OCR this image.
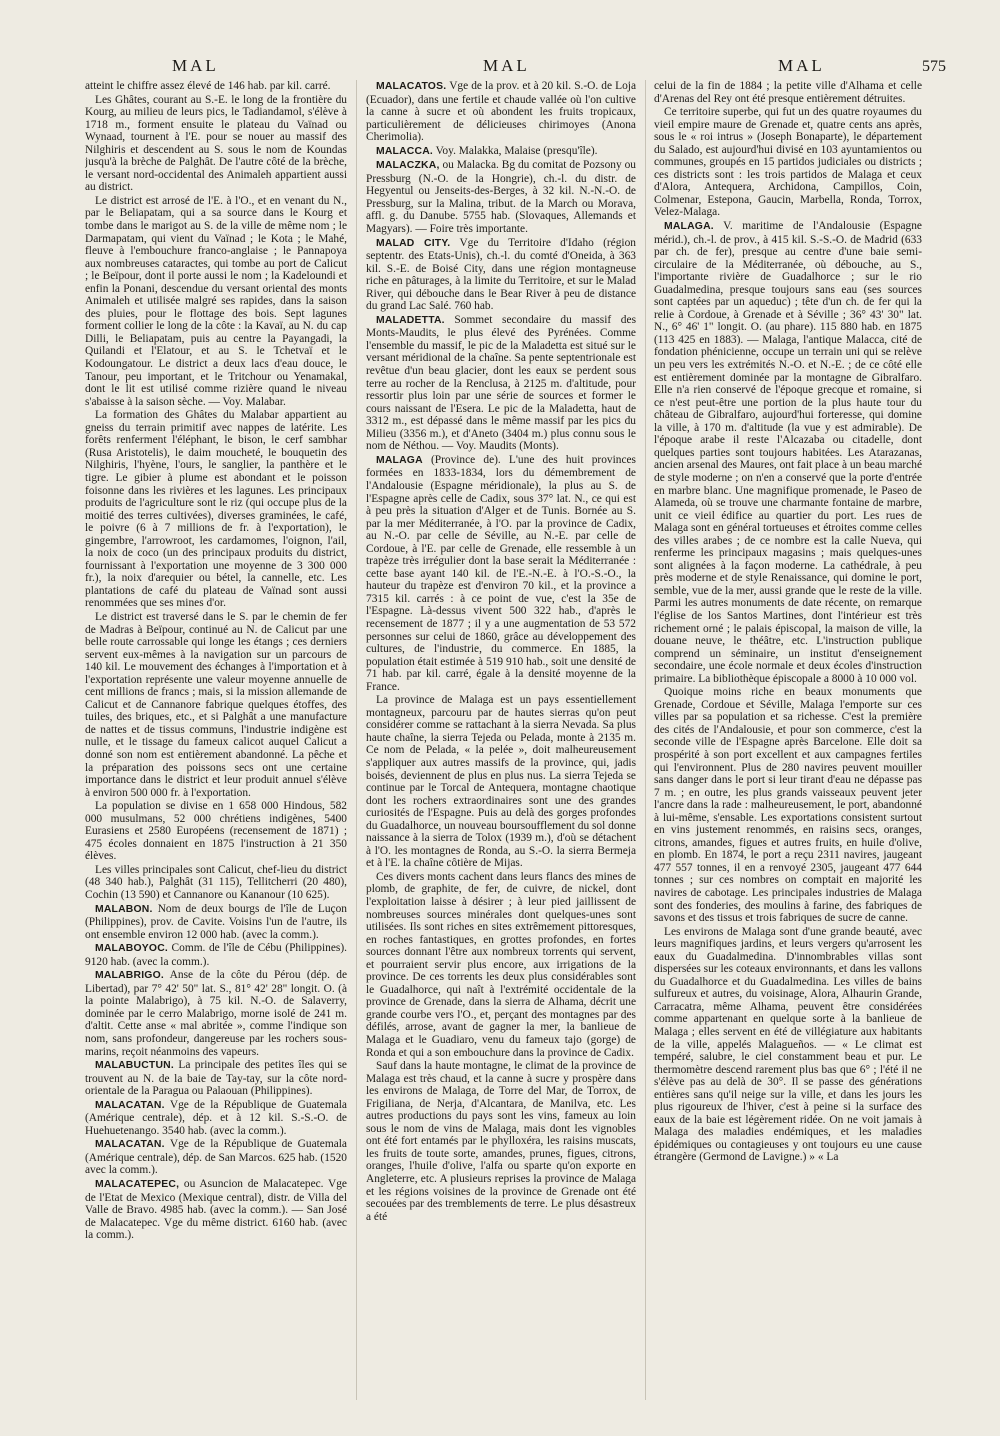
MAL	MAL	MAL	575

atteint le chiffre assez élevé de 146 hab. par kil. carré.

Les Ghâtes, courant au S.-E. le long de la frontière du Kourg, au milieu de leurs pics, le Tadiandamol, s'élève à 1718 m., forment ensuite le plateau du Vaïnad ou Wynaad, tournent à l'E. pour se nouer au massif des Nilghiris et descendent au S. sous le nom de Koundas jusqu'à la brèche de Palghât. De l'autre côté de la brèche, le versant nord-occidental des Animaleh appartient aussi au district.

Le district est arrosé de l'E. à l'O., et en venant du N., par le Beliapatam, qui a sa source dans le Kourg et tombe dans le marigot au S. de la ville de même nom ; le Darmapatam, qui vient du Vaïnad ; le Kota ; le Mahé, fleuve à l'embouchure franco-anglaise ; le Pannapoya aux nombreuses cataractes, qui tombe au port de Calicut ; le Beïpour, dont il porte aussi le nom ; la Kadeloundi et enfin la Ponani, descendue du versant oriental des monts Animaleh et utilisée malgré ses rapides, dans la saison des pluies, pour le flottage des bois. Sept lagunes forment collier le long de la côte : la Kavaï, au N. du cap Dilli, le Beliapatam, puis au centre la Payangadi, la Quilandi et l'Elatour, et au S. le Tchetvaï et le Kodoungatour. Le district a deux lacs d'eau douce, le Tanour, peu important, et le Tritchour ou Yenamakal, dont le lit est utilisé comme rizière quand le niveau s'abaisse à la saison sèche. — Voy. Malabar.

La formation des Ghâtes du Malabar appartient au gneiss du terrain primitif avec nappes de latérite. Les forêts renferment l'éléphant, le bison, le cerf sambhar (Rusa Aristotelis), le daim moucheté, le bouquetin des Nilghiris, l'hyène, l'ours, le sanglier, la panthère et le tigre. Le gibier à plume est abondant et le poisson foisonne dans les rivières et les lagunes. Les principaux produits de l'agriculture sont le riz (qui occupe plus de la moitié des terres cultivées), diverses graminées, le café, le poivre (6 à 7 millions de fr. à l'exportation), le gingembre, l'arrowroot, les cardamomes, l'oignon, l'ail, la noix de coco (un des principaux produits du district, fournissant à l'exportation une moyenne de 3 300 000 fr.), la noix d'arequier ou bétel, la cannelle, etc. Les plantations de café du plateau de Vaïnad sont aussi renommées que ses mines d'or.

Le district est traversé dans le S. par le chemin de fer de Madras à Beïpour, continué au N. de Calicut par une belle route carrossable qui longe les étangs ; ces derniers servent eux-mêmes à la navigation sur un parcours de 140 kil. Le mouvement des échanges à l'importation et à l'exportation représente une valeur moyenne annuelle de cent millions de francs ; mais, si la mission allemande de Calicut et de Cannanore fabrique quelques étoffes, des tuiles, des briques, etc., et si Palghât a une manufacture de nattes et de tissus communs, l'industrie indigène est nulle, et le tissage du fameux calicot auquel Calicut a donné son nom est entièrement abandonné. La pêche et la préparation des poissons secs ont une certaine importance dans le district et leur produit annuel s'élève à environ 500 000 fr. à l'exportation.

La population se divise en 1 658 000 Hindous, 582 000 musulmans, 52 000 chrétiens indigènes, 5400 Eurasiens et 2580 Européens (recensement de 1871) ; 475 écoles donnaient en 1875 l'instruction à 21 350 élèves.

Les villes principales sont Calicut, chef-lieu du district (48 340 hab.), Palghât (31 115), Tellitcherri (20 480), Cochin (13 590) et Cannanore ou Kananour (10 625).

MALABON. Nom de deux bourgs de l'île de Luçon (Philippines), prov. de Cavite. Voisins l'un de l'autre, ils ont ensemble environ 12 000 hab. (avec la comm.).

MALABOYOC. Comm. de l'île de Cébu (Philippines). 9120 hab. (avec la comm.).

MALABRIGO. Anse de la côte du Pérou (dép. de Libertad), par 7° 42' 50" lat. S., 81° 42' 28" longit. O. (à la pointe Malabrigo), à 75 kil. N.-O. de Salaverry, dominée par le cerro Malabrigo, morne isolé de 241 m. d'altit. Cette anse « mal abritée », comme l'indique son nom, sans profondeur, dangereuse par les rochers sous-marins, reçoit néanmoins des vapeurs.

MALABUCTUN. La principale des petites îles qui se trouvent au N. de la baie de Tay-tay, sur la côte nord-orientale de la Paragua ou Palaouan (Philippines).

MALACATAN. Vge de la République de Guatemala (Amérique centrale), dép. et à 12 kil. S.-S.-O. de Huehuetenango. 3540 hab. (avec la comm.).

MALACATAN. Vge de la République de Guatemala (Amérique centrale), dép. de San Marcos. 625 hab. (1520 avec la comm.).

MALACATEPEC, ou Asuncion de Malacatepec. Vge de l'Etat de Mexico (Mexique central), distr. de Villa del Valle de Bravo. 4985 hab. (avec la comm.). — San José de Malacatepec. Vge du même district. 6160 hab. (avec la comm.).

MALACATOS. Vge de la prov. et à 20 kil. S.-O. de Loja (Ecuador), dans une fertile et chaude vallée où l'on cultive la canne à sucre et où abondent les fruits tropicaux, particulièrement de délicieuses chirimoyes (Anona Cherimolia).

MALACCA. Voy. Malakka, Malaise (presqu'île).

MALACZKA, ou Malacka. Bg du comitat de Pozsony ou Pressburg (N.-O. de la Hongrie), ch.-l. du distr. de Hegyentul ou Jenseits-des-Berges, à 32 kil. N.-N.-O. de Pressburg, sur la Malina, tribut. de la March ou Morava, affl. g. du Danube. 5755 hab. (Slovaques, Allemands et Magyars). — Foire très importante.

MALAD CITY. Vge du Territoire d'Idaho (région septentr. des Etats-Unis), ch.-l. du comté d'Oneida, à 363 kil. S.-E. de Boisé City, dans une région montagneuse riche en pâturages, à la limite du Territoire, et sur le Malad River, qui débouche dans le Bear River à peu de distance du grand Lac Salé. 760 hab.

MALADETTA. Sommet secondaire du massif des Monts-Maudits, le plus élevé des Pyrénées. Comme l'ensemble du massif, le pic de la Maladetta est situé sur le versant méridional de la chaîne. Sa pente septentrionale est revêtue d'un beau glacier, dont les eaux se perdent sous terre au rocher de la Renclusa, à 2125 m. d'altitude, pour ressortir plus loin par une série de sources et former le cours naissant de l'Esera. Le pic de la Maladetta, haut de 3312 m., est dépassé dans le même massif par les pics du Milieu (3356 m.), et d'Aneto (3404 m.) plus connu sous le nom de Néthou. — Voy. Maudits (Monts).

MALAGA (Province de). L'une des huit provinces formées en 1833-1834, lors du démembrement de l'Andalousie (Espagne méridionale), la plus au S. de l'Espagne après celle de Cadix, sous 37° lat. N., ce qui est à peu près la situation d'Alger et de Tunis. Bornée au S. par la mer Méditerranée, à l'O. par la province de Cadix, au N.-O. par celle de Séville, au N.-E. par celle de Cordoue, à l'E. par celle de Grenade, elle ressemble à un trapèze très irrégulier dont la base serait la Méditerranée : cette base ayant 140 kil. de l'E.-N.-E. à l'O.-S.-O., la hauteur du trapèze est d'environ 70 kil., et la province a 7315 kil. carrés : à ce point de vue, c'est la 35e de l'Espagne. Là-dessus vivent 500 322 hab., d'après le recensement de 1877 ; il y a une augmentation de 53 572 personnes sur celui de 1860, grâce au développement des cultures, de l'industrie, du commerce. En 1885, la population était estimée à 519 910 hab., soit une densité de 71 hab. par kil. carré, égale à la densité moyenne de la France.

La province de Malaga est un pays essentiellement montagneux, parcouru par de hautes sierras qu'on peut considérer comme se rattachant à la sierra Nevada. Sa plus haute chaîne, la sierra Tejeda ou Pelada, monte à 2135 m. Ce nom de Pelada, « la pelée », doit malheureusement s'appliquer aux autres massifs de la province, qui, jadis boisés, deviennent de plus en plus nus. La sierra Tejeda se continue par le Torcal de Antequera, montagne chaotique dont les rochers extraordinaires sont une des grandes curiosités de l'Espagne. Puis au delà des gorges profondes du Guadalhorce, un nouveau boursoufflement du sol donne naissance à la sierra de Tolox (1939 m.), d'où se détachent à l'O. les montagnes de Ronda, au S.-O. la sierra Bermeja et à l'E. la chaîne côtière de Mijas.

Ces divers monts cachent dans leurs flancs des mines de plomb, de graphite, de fer, de cuivre, de nickel, dont l'exploitation laisse à désirer ; à leur pied jaillissent de nombreuses sources minérales dont quelques-unes sont utilisées. Ils sont riches en sites extrêmement pittoresques, en roches fantastiques, en grottes profondes, en fortes sources donnant l'être aux nombreux torrents qui servent, et pourraient servir plus encore, aux irrigations de la province. De ces torrents les deux plus considérables sont le Guadalhorce, qui naît à l'extrémité occidentale de la province de Grenade, dans la sierra de Alhama, décrit une grande courbe vers l'O., et, perçant des montagnes par des défilés, arrose, avant de gagner la mer, la banlieue de Malaga et le Guadiaro, venu du fameux tajo (gorge) de Ronda et qui a son embouchure dans la province de Cadix.

Sauf dans la haute montagne, le climat de la province de Malaga est très chaud, et la canne à sucre y prospère dans les environs de Malaga, de Torre del Mar, de Torrox, de Frigiliana, de Nerja, d'Alcantara, de Manilva, etc. Les autres productions du pays sont les vins, fameux au loin sous le nom de vins de Malaga, mais dont les vignobles ont été fort entamés par le phylloxéra, les raisins muscats, les fruits de toute sorte, amandes, prunes, figues, citrons, oranges, l'huile d'olive, l'alfa ou sparte qu'on exporte en Angleterre, etc. A plusieurs reprises la province de Malaga et les régions voisines de la province de Grenade ont été secouées par des tremblements de terre. Le plus désastreux a été

celui de la fin de 1884 ; la petite ville d'Alhama et celle d'Arenas del Rey ont été presque entièrement détruites.

Ce territoire superbe, qui fut un des quatre royaumes du vieil empire maure de Grenade et, quatre cents ans après, sous le « roi intrus » (Joseph Bonaparte), le département du Salado, est aujourd'hui divisé en 103 ayuntamientos ou communes, groupés en 15 partidos judiciales ou districts ; ces districts sont : les trois partidos de Malaga et ceux d'Alora, Antequera, Archidona, Campillos, Coin, Colmenar, Estepona, Gaucin, Marbella, Ronda, Torrox, Velez-Malaga.

MALAGA. V. maritime de l'Andalousie (Espagne mérid.), ch.-l. de prov., à 415 kil. S.-S.-O. de Madrid (633 par ch. de fer), presque au centre d'une baie semi-circulaire de la Méditerranée, où débouche, au S., l'importante rivière de Guadalhorce ; sur le rio Guadalmedina, presque toujours sans eau (ses sources sont captées par un aqueduc) ; tête d'un ch. de fer qui la relie à Cordoue, à Grenade et à Séville ; 36° 43' 30" lat. N., 6° 46' 1" longit. O. (au phare). 115 880 hab. en 1875 (113 425 en 1883). — Malaga, l'antique Malacca, cité de fondation phénicienne, occupe un terrain uni qui se relève un peu vers les extrémités N.-O. et N.-E. ; de ce côté elle est entièrement dominée par la montagne de Gibralfaro. Elle n'a rien conservé de l'époque grecque et romaine, si ce n'est peut-être une portion de la plus haute tour du château de Gibralfaro, aujourd'hui forteresse, qui domine la ville, à 170 m. d'altitude (la vue y est admirable). De l'époque arabe il reste l'Alcazaba ou citadelle, dont quelques parties sont toujours habitées. Les Atarazanas, ancien arsenal des Maures, ont fait place à un beau marché de style moderne ; on n'en a conservé que la porte d'entrée en marbre blanc. Une magnifique promenade, le Paseo de Alameda, où se trouve une charmante fontaine de marbre, unit ce vieil édifice au quartier du port. Les rues de Malaga sont en général tortueuses et étroites comme celles des villes arabes ; de ce nombre est la calle Nueva, qui renferme les principaux magasins ; mais quelques-unes sont alignées à la façon moderne. La cathédrale, à peu près moderne et de style Renaissance, qui domine le port, semble, vue de la mer, aussi grande que le reste de la ville. Parmi les autres monuments de date récente, on remarque l'église de los Santos Martines, dont l'intérieur est très richement orné ; le palais épiscopal, la maison de ville, la douane neuve, le théâtre, etc. L'instruction publique comprend un séminaire, un institut d'enseignement secondaire, une école normale et deux écoles d'instruction primaire. La bibliothèque épiscopale a 8000 à 10 000 vol.

Quoique moins riche en beaux monuments que Grenade, Cordoue et Séville, Malaga l'emporte sur ces villes par sa population et sa richesse. C'est la première des cités de l'Andalousie, et pour son commerce, c'est la seconde ville de l'Espagne après Barcelone. Elle doit sa prospérité à son port excellent et aux campagnes fertiles qui l'environnent. Plus de 280 navires peuvent mouiller sans danger dans le port si leur tirant d'eau ne dépasse pas 7 m. ; en outre, les plus grands vaisseaux peuvent jeter l'ancre dans la rade : malheureusement, le port, abandonné à lui-même, s'ensable. Les exportations consistent surtout en vins justement renommés, en raisins secs, oranges, citrons, amandes, figues et autres fruits, en huile d'olive, en plomb. En 1874, le port a reçu 2311 navires, jaugeant 477 557 tonnes, il en a renvoyé 2305, jaugeant 477 644 tonnes ; sur ces nombres on comptait en majorité les navires de cabotage. Les principales industries de Malaga sont des fonderies, des moulins à farine, des fabriques de savons et des tissus et trois fabriques de sucre de canne.

Les environs de Malaga sont d'une grande beauté, avec leurs magnifiques jardins, et leurs vergers qu'arrosent les eaux du Guadalmedina. D'innombrables villas sont dispersées sur les coteaux environnants, et dans les vallons du Guadalhorce et du Guadalmedina. Les villes de bains sulfureux et autres, du voisinage, Alora, Alhaurin Grande, Carracatra, même Alhama, peuvent être considérées comme appartenant en quelque sorte à la banlieue de Malaga ; elles servent en été de villégiature aux habitants de la ville, appelés Malagueños. — « Le climat est tempéré, salubre, le ciel constamment beau et pur. Le thermomètre descend rarement plus bas que 6° ; l'été il ne s'élève pas au delà de 30°. Il se passe des générations entières sans qu'il neige sur la ville, et dans les jours les plus rigoureux de l'hiver, c'est à peine si la surface des eaux de la baie est légèrement ridée. On ne voit jamais à Malaga des maladies endémiques, et les maladies épidémiques ou contagieuses y ont toujours eu une cause étrangère (Germond de Lavigne.) » « La
